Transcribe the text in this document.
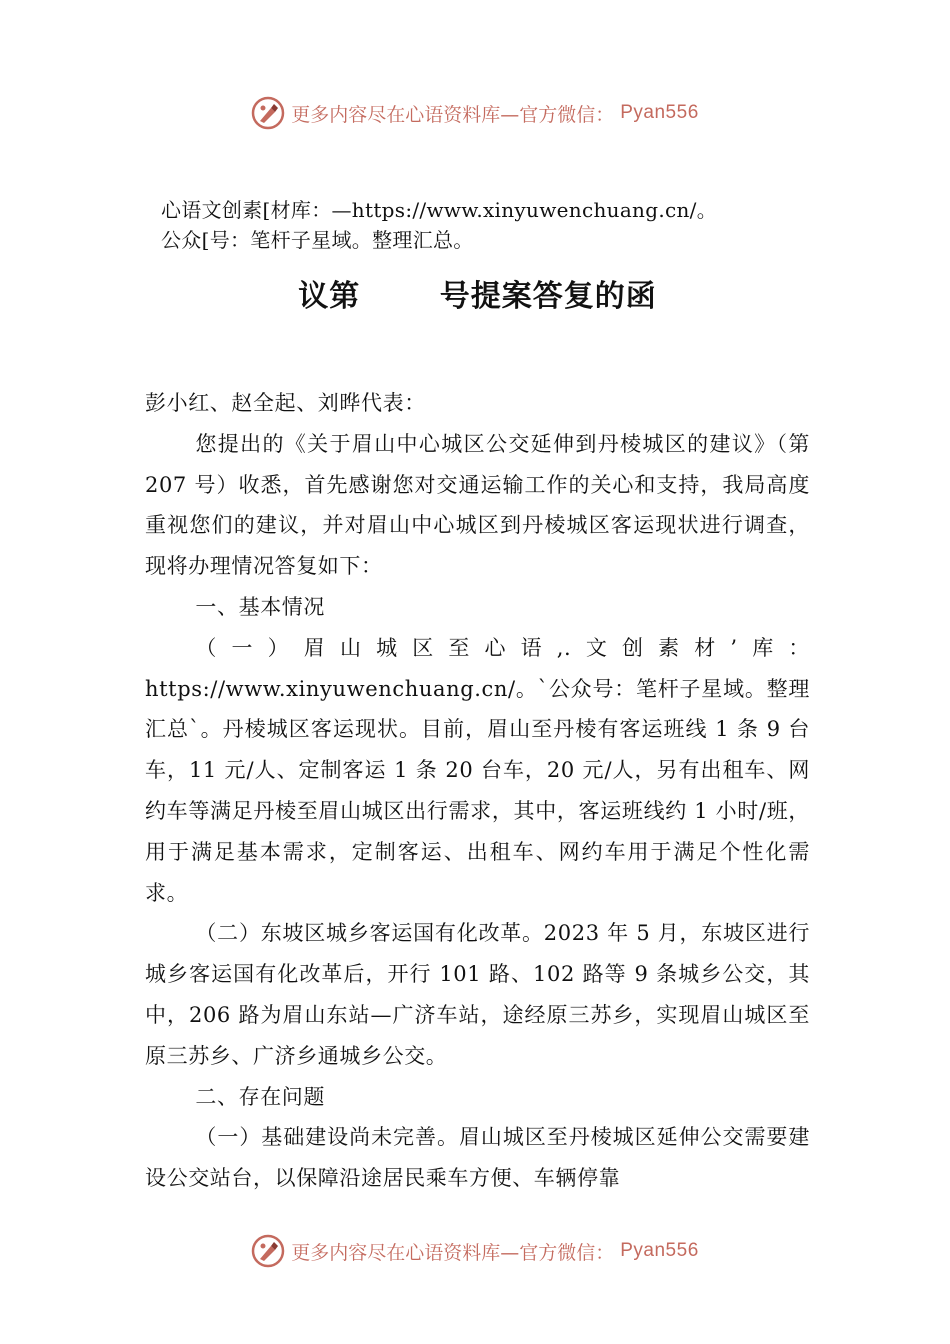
更多内容尽在心语资料库—官方微信： Pyan556
心语文创素[材库：—https://www.xinyuwenchuang.cn/。
公众[号：笔杆子星域。整理汇总。
议第 号提案答复的函

彭小红、赵全起、刘晔代表：

您提出的《关于眉山中心城区公交延伸到丹棱城区的建议》（第 207 号）收悉，首先感谢您对交通运输工作的关心和支持，我局高度重视您们的建议，并对眉山中心城区到丹棱城区客运现状进行调查，现将办理情况答复如下：

一、基本情况

（一）眉山城区至心语,.文创素材’库：https://www.xinyuwenchuang.cn/。`公众号：笔杆子星域。整理汇总`。丹棱城区客运现状。目前，眉山至丹棱有客运班线 1 条 9 台车，11 元/人、定制客运 1 条 20 台车，20 元/人，另有出租车、网约车等满足丹棱至眉山城区出行需求，其中，客运班线约 1 小时/班，用于满足基本需求，定制客运、出租车、网约车用于满足个性化需求。

（二）东坡区城乡客运国有化改革。2023 年 5 月，东坡区进行城乡客运国有化改革后，开行 101 路、102 路等 9 条城乡公交，其中，206 路为眉山东站—广济车站，途经原三苏乡，实现眉山城区至原三苏乡、广济乡通城乡公交。

二、存在问题

（一）基础建设尚未完善。眉山城区至丹棱城区延伸公交需要建设公交站台，以保障沿途居民乘车方便、车辆停靠

更多内容尽在心语资料库—官方微信： Pyan556
